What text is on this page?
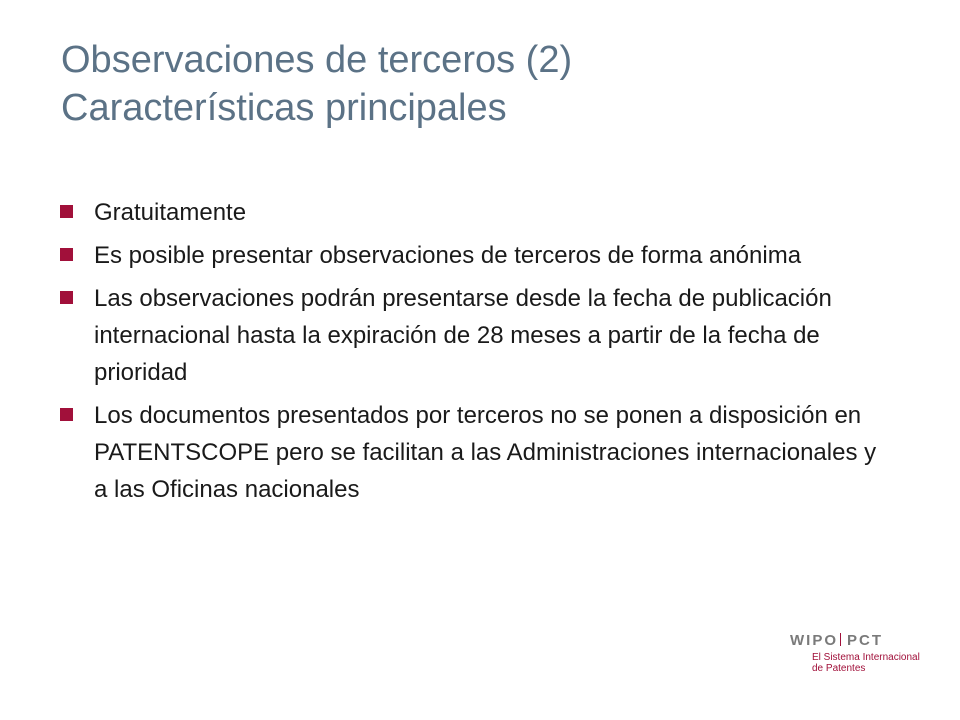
Observaciones de terceros (2)
Características principales
Gratuitamente
Es posible presentar observaciones de terceros de forma anónima
Las observaciones podrán presentarse desde la fecha de publicación internacional hasta la expiración de 28 meses a partir de la fecha de prioridad
Los documentos presentados por terceros no se ponen a disposición en PATENTSCOPE pero se facilitan a las Administraciones internacionales y a las Oficinas nacionales
WIPO PCT
El Sistema Internacional
de Patentes
